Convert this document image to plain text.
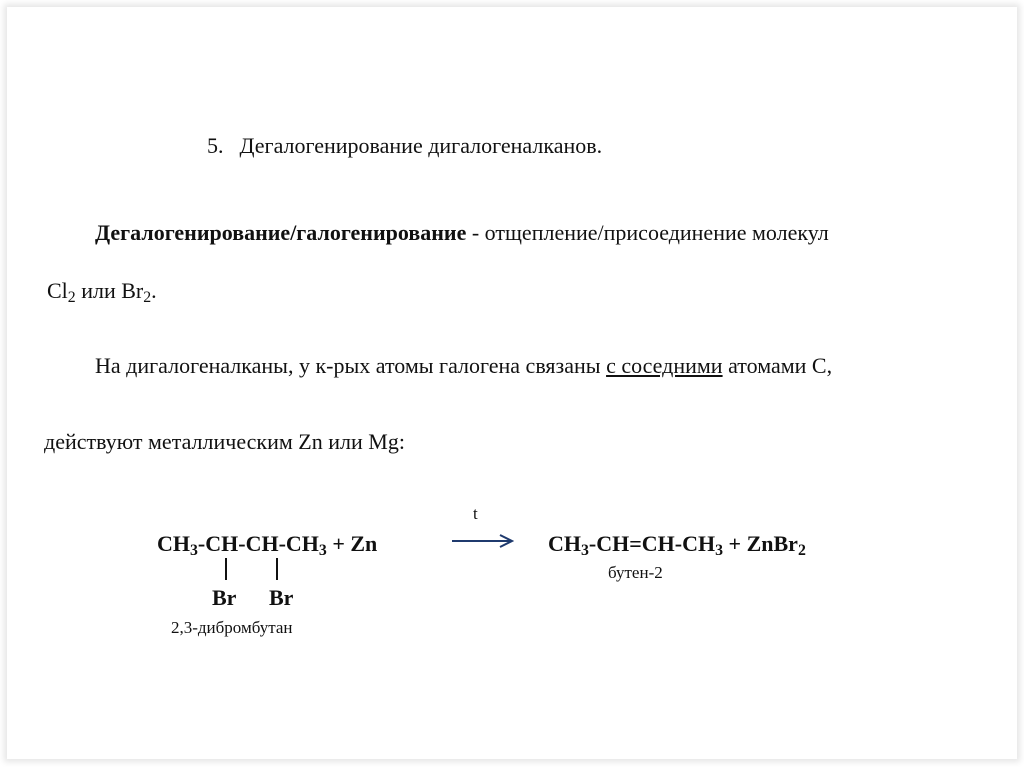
5. Дегалогенирование дигалогеналканов.
Дегалогенирование/галогенирование - отщепление/присоединение молекул
$Cl_2$ или $Br_2$.
На дигалогеналканы, у к-рых атомы галогена связаны с соседними атомами С,
действуют металлическим Zn или Mg:
$CH_3-CH-CH-CH_3 + Zn$
t
$CH_3-CH=CH-CH_3$ + ZnBr$_2$
Br Br
2,3-дибромбутан
бутен-2
